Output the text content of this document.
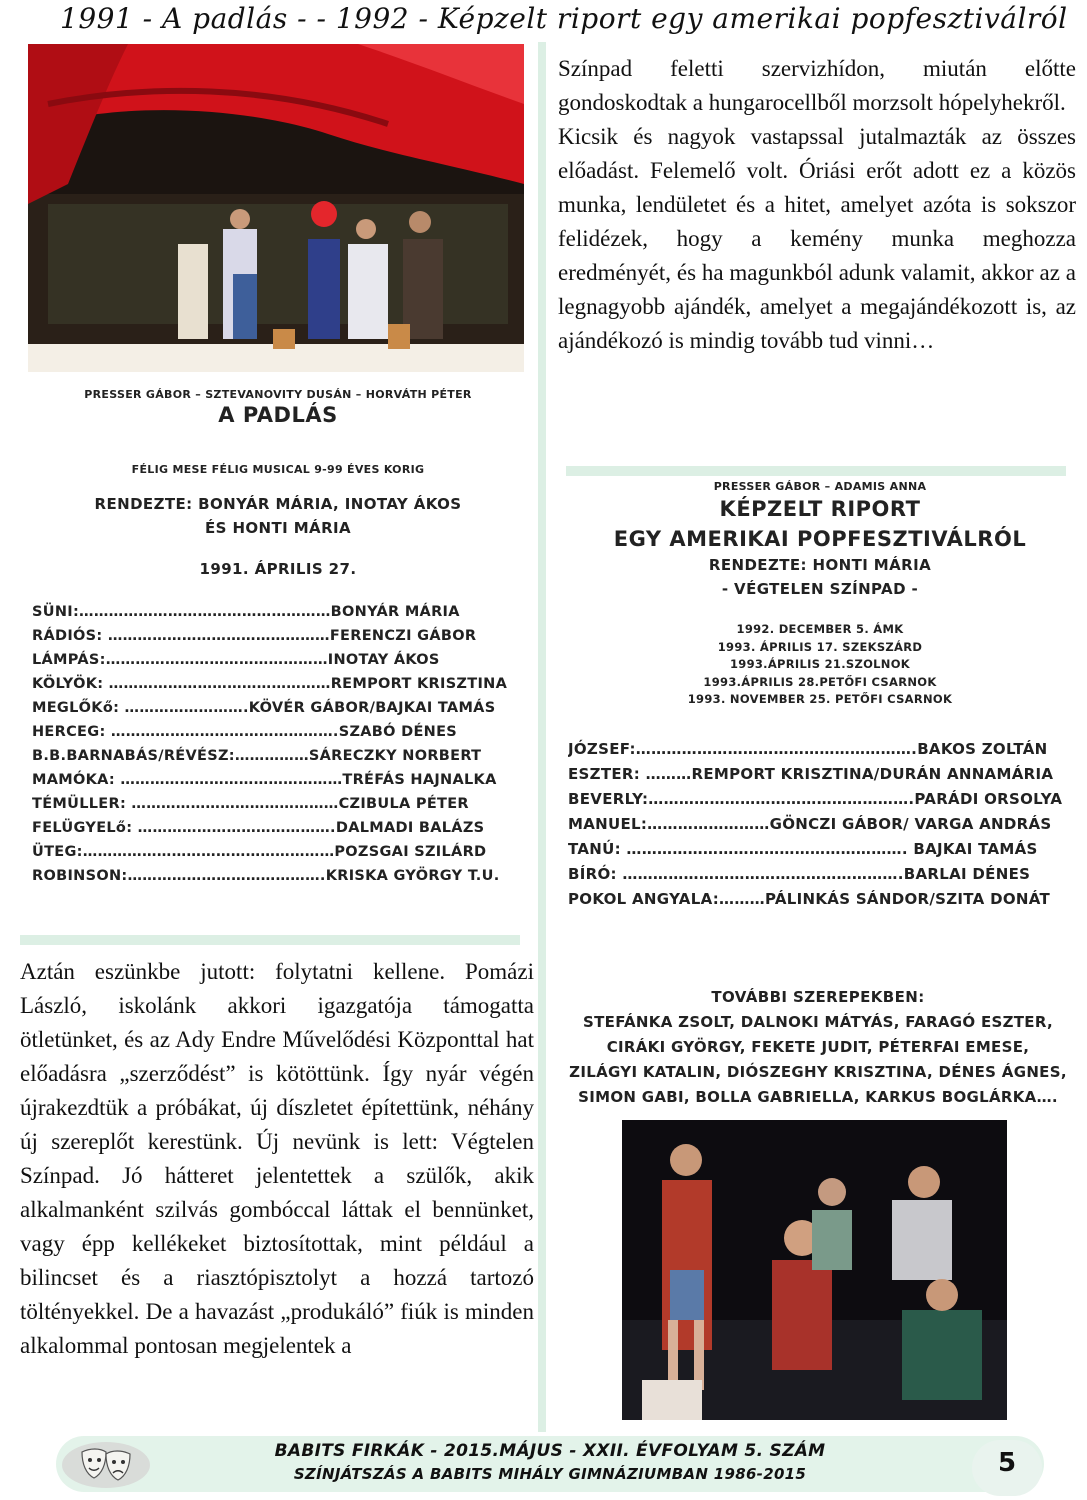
1991 - A padlás - - 1992 - Képzelt riport egy amerikai popfesztiválról
PRESSER GÁBOR – SZTEVANOVITY DUSÁN – HORVÁTH PÉTER
A PADLÁS
FÉLIG MESE FÉLIG MUSICAL 9-99 ÉVES KORIG
RENDEZTE: BONYÁR MÁRIA, INOTAY ÁKOS
ÉS HONTI MÁRIA
1991. ÁPRILIS 27.
SÜNI:……………………………………………BONYÁR MÁRIA
RÁDIÓS: ………………………………………FERENCZI GÁBOR
LÁMPÁS:………………………………………INOTAY ÁKOS
KÖLYÖK: ………………………………………REMPORT KRISZTINA
MEGLŐKő: …………………….KÖVÉR GÁBOR/BAJKAI TAMÁS
HERCEG: ……………………………………….SZABÓ DÉNES
B.B.BARNABÁS/RÉVÉSZ:……………SÁRECZKY NORBERT
MAMÓKA: ………………………………………TRÉFÁS HAJNALKA
TÉMÜLLER: ……………………………………CZIBULA PÉTER
FELÜGYELő: ………………………………….DALMADI BALÁZS
ÜTEG:……………………………………………POZSGAI SZILÁRD
ROBINSON:………………………………….KRISKA GYÖRGY T.U.

Színpad feletti szervizhídon, miután előtte gondoskodtak a hungarocellből morzsolt hópelyhekről.

Kicsik és nagyok vastapssal jutalmazták az összes előadást. Felemelő volt. Óriási erőt adott ez a közös munka, lendületet és a hitet, amelyet azóta is sokszor felidézek, hogy a kemény munka meghozza eredményét, és ha magunkból adunk valamit, akkor az a legnagyobb ajándék, amelyet a megajándékozott is, az ajándékozó is mindig tovább tud vinni…

PRESSER GÁBOR – ADAMIS ANNA
KÉPZELT RIPORT
EGY AMERIKAI POPFESZTIVÁLRÓL
RENDEZTE: HONTI MÁRIA
- VÉGTELEN SZÍNPAD -
1992. DECEMBER 5. ÁMK
1993. ÁPRILIS 17. SZEKSZÁRD
1993.ÁPRILIS 21.SZOLNOK
1993.ÁPRILIS 28.PETŐFI CSARNOK
1993. NOVEMBER 25. PETŐFI CSARNOK
JÓZSEF:……………………………………………….BAKOS ZOLTÁN
ESZTER: ………REMPORT KRISZTINA/DURÁN ANNAMÁRIA
BEVERLY:…………………………………………….PARÁDI ORSOLYA
MANUEL:……………………GÖNCZI GÁBOR/ VARGA ANDRÁS
TANÚ: ………………………………………………. BAJKAI TAMÁS
BÍRÓ: ……………………………………………….BARLAI DÉNES
POKOL ANGYALA:………PÁLINKÁS SÁNDOR/SZITA DONÁT
TOVÁBBI SZEREPEKBEN:
STEFÁNKA ZSOLT, DALNOKI MÁTYÁS, FARAGÓ ESZTER,
CIRÁKI GYÖRGY, FEKETE JUDIT, PÉTERFAI EMESE,
ZILÁGYI KATALIN, DIÓSZEGHY KRISZTINA, DÉNES ÁGNES,
SIMON GABI, BOLLA GABRIELLA, KARKUS BOGLÁRKA….

Aztán eszünkbe jutott: folytatni kellene. Pomázi László, iskolánk akkori igazgatója támogatta ötletünket, és az Ady Endre Művelődési Központtal hat előadásra „szerződést” is kötöttünk. Így nyár végén újrakezdtük a próbákat, új díszletet építettünk, néhány új szereplőt kerestünk. Új nevünk is lett: Végtelen Színpad. Jó hátteret jelentettek a szülők, akik alkalmanként szilvás gombóccal láttak el bennünket, vagy épp kellékeket biztosítottak, mint például a bilincset és a riasztópisztolyt a hozzá tartozó töltényekkel. De a havazást „produkáló” fiúk is minden alkalommal pontosan megjelentek a

BABITS FIRKÁK - 2015.MÁJUS - XXII. ÉVFOLYAM 5. SZÁM
SZÍNJÁTSZÁS A BABITS MIHÁLY GIMNÁZIUMBAN 1986-2015	5
